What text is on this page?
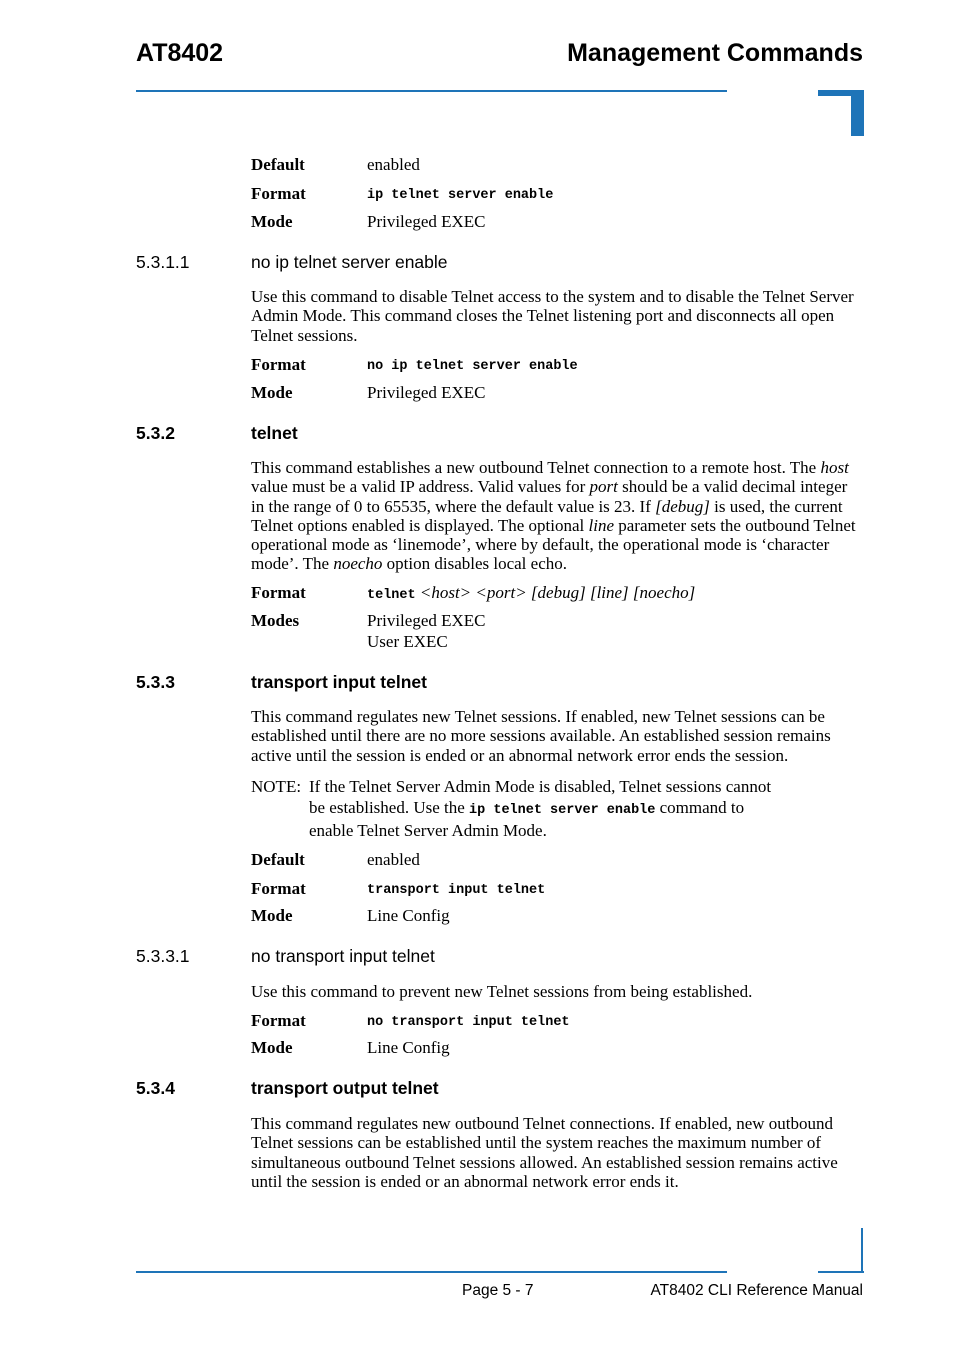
AT8402	Management Commands
Default	enabled
Format	ip telnet server enable
Mode	Privileged EXEC
5.3.1.1	no ip telnet server enable

Use this command to disable Telnet access to the system and to disable the Telnet Server Admin Mode. This command closes the Telnet listening port and disconnects all open Telnet sessions.

Format	no ip telnet server enable
Mode	Privileged EXEC
5.3.2	telnet

This command establishes a new outbound Telnet connection to a remote host. The host value must be a valid IP address. Valid values for port should be a valid decimal integer in the range of 0 to 65535, where the default value is 23. If [debug] is used, the current Telnet options enabled is displayed. The optional line parameter sets the outbound Telnet operational mode as ‘linemode’, where by default, the operational mode is ‘character mode’. The noecho option disables local echo.

Format	telnet <host> <port> [debug] [line] [noecho]
Modes	Privileged EXEC
User EXEC
5.3.3	transport input telnet

This command regulates new Telnet sessions. If enabled, new Telnet sessions can be established until there are no more sessions available. An established session remains active until the session is ended or an abnormal network error ends the session.

NOTE: If the Telnet Server Admin Mode is disabled, Telnet sessions cannot
be established. Use the ip telnet server enable command to
enable Telnet Server Admin Mode.
Default	enabled
Format	transport input telnet
Mode	Line Config
5.3.3.1	no transport input telnet

Use this command to prevent new Telnet sessions from being established.

Format	no transport input telnet
Mode	Line Config
5.3.4	transport output telnet

This command regulates new outbound Telnet connections. If enabled, new outbound Telnet sessions can be established until the system reaches the maximum number of simultaneous outbound Telnet sessions allowed. An established session remains active until the session is ended or an abnormal network error ends it.

Page 5 - 7	AT8402 CLI Reference Manual
